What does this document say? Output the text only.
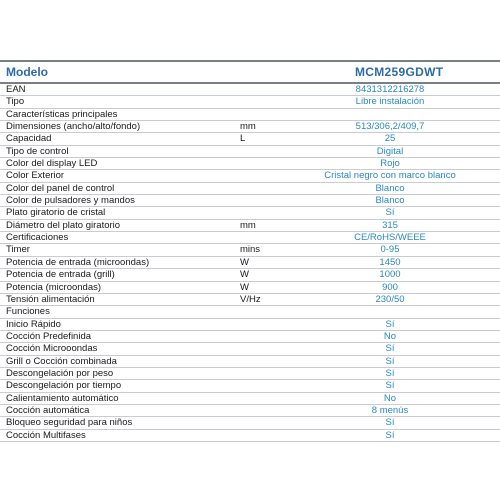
Modelo	MCM259GDWT
EAN	8431312216278
Tipo	Libre instalación
Características principales
Dimensiones (ancho/alto/fondo)	mm	513/306,2/409,7
Capacidad	L	25
Tipo de control	Digital
Color del display LED	Rojo
Color Exterior	Cristal negro con marco blanco
Color del panel de control	Blanco
Color de pulsadores y mandos	Blanco
Plato giratorio de cristal	Sí
Diámetro del plato giratorio	mm	315
Certificaciones	CE/RoHS/WEEE
Timer	mins	0-95
Potencia de entrada (microondas)	W	1450
Potencia de entrada (grill)	W	1000
Potencia (microondas)	W	900
Tensión alimentación	V/Hz	230/50
Funciones
Inicio Rápido	Sí
Cocción Predefinida	No
Cocción Microoondas	Sí
Grill o Cocción combinada	Sí
Descongelación por peso	Sí
Descongelación por tiempo	Sí
Calientamiento automático	No
Cocción automática	8 menús
Bloqueo seguridad para niños	Sí
Cocción Multifases	Sí
